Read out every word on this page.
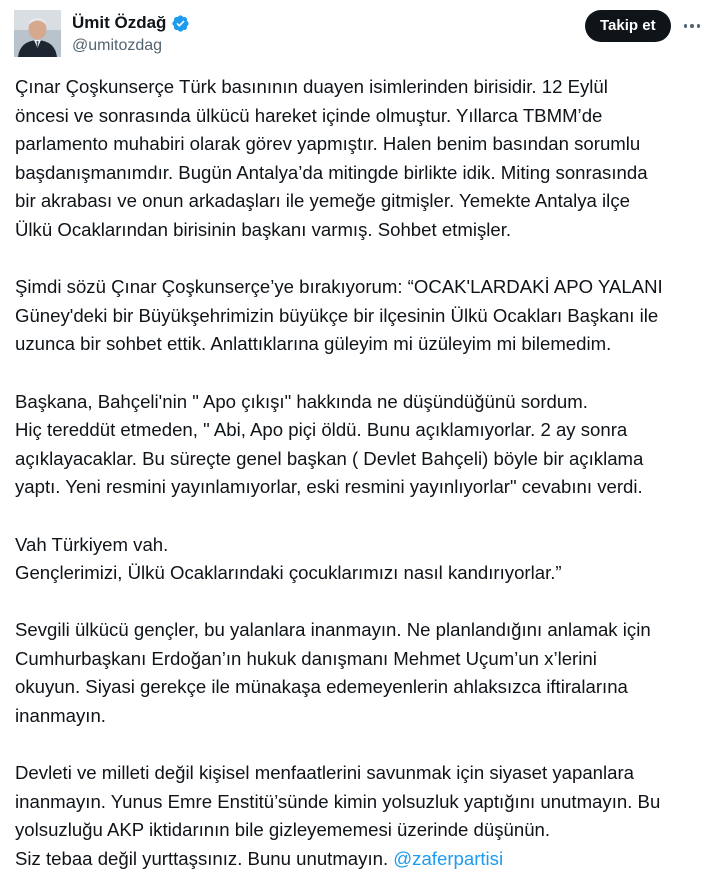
Ümit Özdağ
@umitozdag
Takip et
Çınar Çoşkunserçe Türk basınının duayen isimlerinden birisidir. 12 Eylül
öncesi ve sonrasında ülkücü hareket içinde olmuştur. Yıllarca TBMM’de
parlamento muhabiri olarak görev yapmıştır. Halen benim basından sorumlu
başdanışmanımdır. Bugün Antalya’da mitingde birlikte idik. Miting sonrasında
bir akrabası ve onun arkadaşları ile yemeğe gitmişler. Yemekte Antalya ilçe
Ülkü Ocaklarından birisinin başkanı varmış. Sohbet etmişler.
Şimdi sözü Çınar Çoşkunserçe’ye bırakıyorum: “OCAK'LARDAKİ APO YALANI
Güney'deki bir Büyükşehrimizin büyükçe bir ilçesinin Ülkü Ocakları Başkanı ile
uzunca bir sohbet ettik. Anlattıklarına güleyim mi üzüleyim mi bilemedim.
Başkana, Bahçeli'nin " Apo çıkışı" hakkında ne düşündüğünü sordum.
Hiç tereddüt etmeden, " Abi, Apo piçi öldü. Bunu açıklamıyorlar. 2 ay sonra
açıklayacaklar. Bu süreçte genel başkan ( Devlet Bahçeli) böyle bir açıklama
yaptı. Yeni resmini yayınlamıyorlar, eski resmini yayınlıyorlar" cevabını verdi.
Vah Türkiyem vah.
Gençlerimizi, Ülkü Ocaklarındaki çocuklarımızı nasıl kandırıyorlar.”
Sevgili ülkücü gençler, bu yalanlara inanmayın. Ne planlandığını anlamak için
Cumhurbaşkanı Erdoğan’ın hukuk danışmanı Mehmet Uçum’un x’lerini
okuyun. Siyasi gerekçe ile münakaşa edemeyenlerin ahlaksızca iftiralarına
inanmayın.
Devleti ve milleti değil kişisel menfaatlerini savunmak için siyaset yapanlara
inanmayın. Yunus Emre Enstitü’sünde kimin yolsuzluk yaptığını unutmayın. Bu
yolsuzluğu AKP iktidarının bile gizleyememesi üzerinde düşünün.
Siz tebaa değil yurttaşsınız. Bunu unutmayın. @zaferpartisi
